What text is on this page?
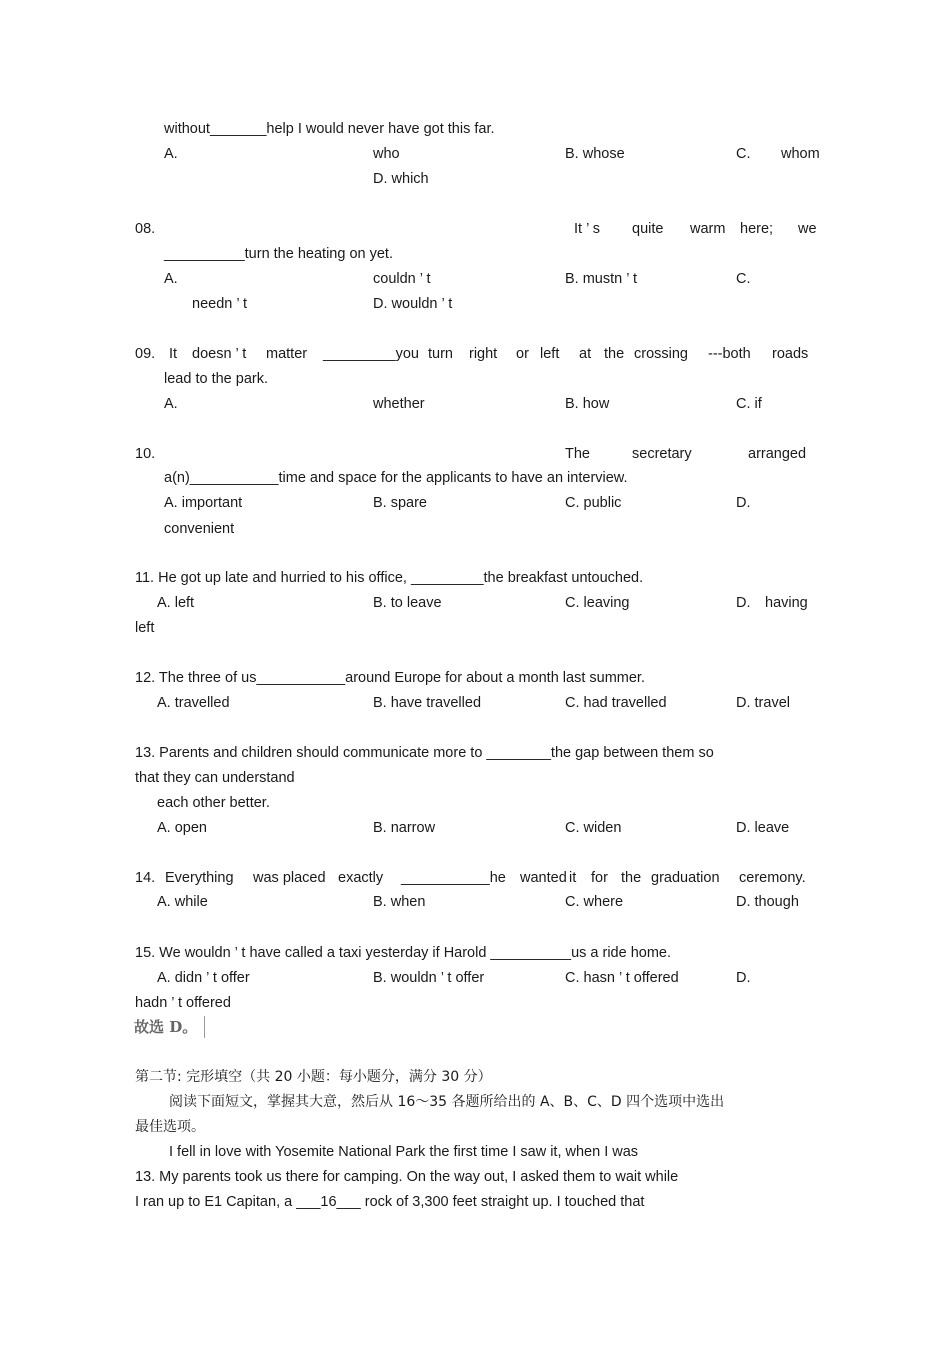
without_______help I would never have got this far.
A.	who	B. whose	C. whom
D. which
08.	It ’ s quite warm here; we
__________turn the heating on yet.
A.	couldn ’ t	B. mustn ’ t	C.
needn ’ t	D. wouldn ’ t
09. It doesn ’ t matter _________you turn right or left at the crossing ---both roads
lead to the park.
A.	whether	B. how	C. if
10.	The	secretary	arranged
a(n)___________time and space for the applicants to have an interview.
A. important	B. spare	C. public	D.
convenient
11. He got up late and hurried to his office, _________the breakfast untouched.
A. left	B. to leave	C. leaving	D. having
left
12. The three of us___________around Europe for about a month last summer.
A. travelled	B. have travelled	C. had travelled	D. travel
13. Parents and children should communicate more to ________the gap between them so
that they can understand
each other better.
A. open	B. narrow	C. widen	D. leave
14. Everything was placed exactly ___________he wanted it for the graduation ceremony.
A. while	B. when	C. where	D. though
15. We wouldn ’ t have called a taxi yesterday if Harold __________us a ride home.
A. didn ’ t offer	B. wouldn ’ t offer	C. hasn ’ t offered	D.
hadn ’ t offered
故选 D。
第二节: 完形填空（共 20 小题：每小题分，满分 30 分）
阅读下面短文，掌握其大意，然后从 16～35 各题所给出的 A、B、C、D 四个选项中选出
最佳选项。
I fell in love with Yosemite National Park the first time I saw it, when I was
13. My parents took us there for camping. On the way out, I asked them to wait while
I ran up to E1 Capitan, a ___16___ rock of 3,300 feet straight up. I touched that
